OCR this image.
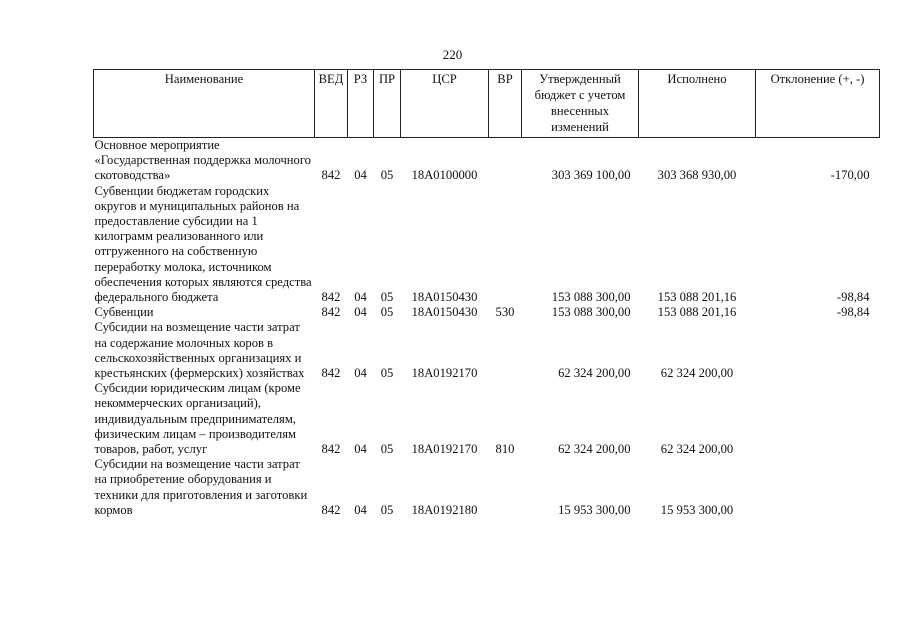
220
Наименование	ВЕД	РЗ	ПР	ЦСР	ВР	Утвержденный бюджет с учетом внесенных изменений	Исполнено	Отклонение (+, -)
Основное мероприятие «Государственная поддержка молочного скотоводства»	842	04	05	18А0100000		303 369 100,00	303 368 930,00	-170,00
Субвенции бюджетам городских округов и муниципальных районов на предоставление субсидии на 1 килограмм реализованного или отгруженного на собственную переработку молока, источником обеспечения которых являются средства федерального бюджета	842	04	05	18А0150430		153 088 300,00	153 088 201,16	-98,84
Субвенции	842	04	05	18А0150430	530	153 088 300,00	153 088 201,16	-98,84
Субсидии на возмещение части затрат на содержание молочных коров в сельскохозяйственных организациях и крестьянских (фермерских) хозяйствах	842	04	05	18А0192170		62 324 200,00	62 324 200,00	
Субсидии юридическим лицам (кроме некоммерческих организаций), индивидуальным предпринимателям, физическим лицам – производителям товаров, работ, услуг	842	04	05	18А0192170	810	62 324 200,00	62 324 200,00	
Субсидии на возмещение части затрат на приобретение оборудования и техники для приготовления и заготовки кормов	842	04	05	18А0192180		15 953 300,00	15 953 300,00	
